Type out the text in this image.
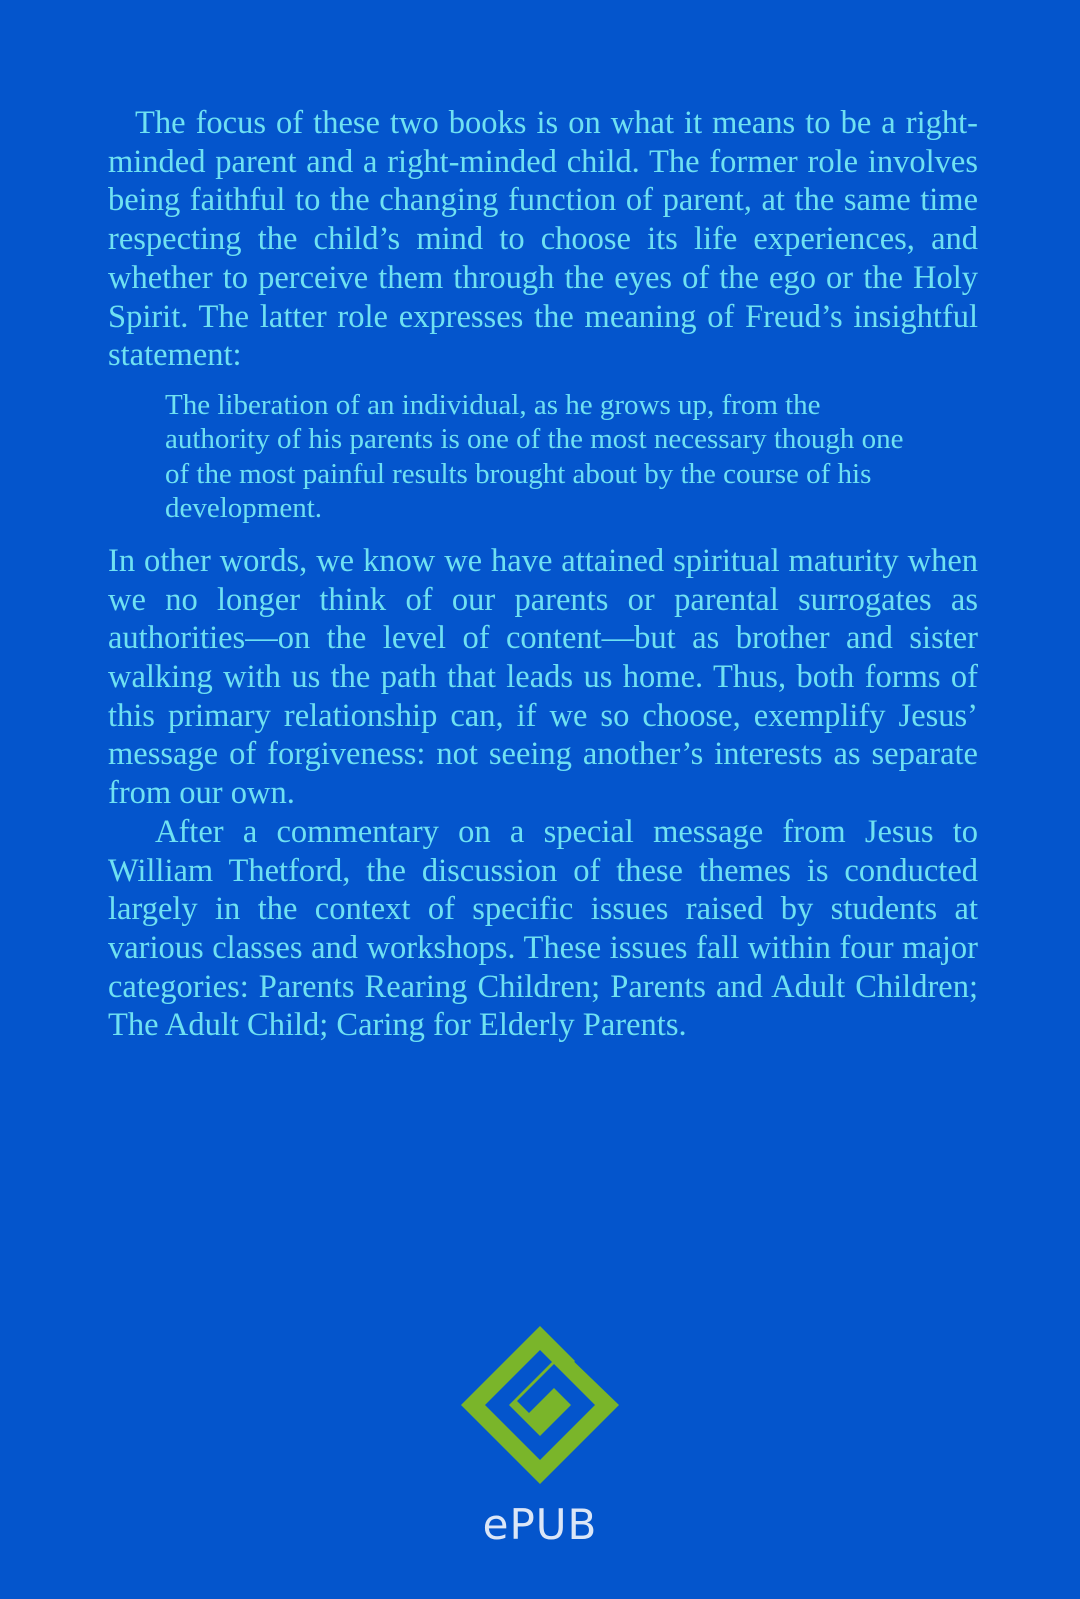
The focus of these two books is on what it means to be a right-minded parent and a right-minded child. The former role involves being faithful to the changing function of parent, at the same time respecting the child’s mind to choose its life experiences, and whether to perceive them through the eyes of the ego or the Holy Spirit. The latter role expresses the meaning of Freud’s insightful statement:

The liberation of an individual, as he grows up, from the authority of his parents is one of the most necessary though one of the most painful results brought about by the course of his development.

In other words, we know we have attained spiritual maturity when we no longer think of our parents or parental surrogates as authorities—on the level of content—but as brother and sister walking with us the path that leads us home. Thus, both forms of this primary relationship can, if we so choose, exemplify Jesus’ message of forgiveness: not seeing another’s interests as separate from our own.

After a commentary on a special message from Jesus to William Thetford, the discussion of these themes is conducted largely in the context of specific issues raised by students at various classes and workshops. These issues fall within four major categories: Parents Rearing Children; Parents and Adult Children; The Adult Child; Caring for Elderly Parents.

ePUB
